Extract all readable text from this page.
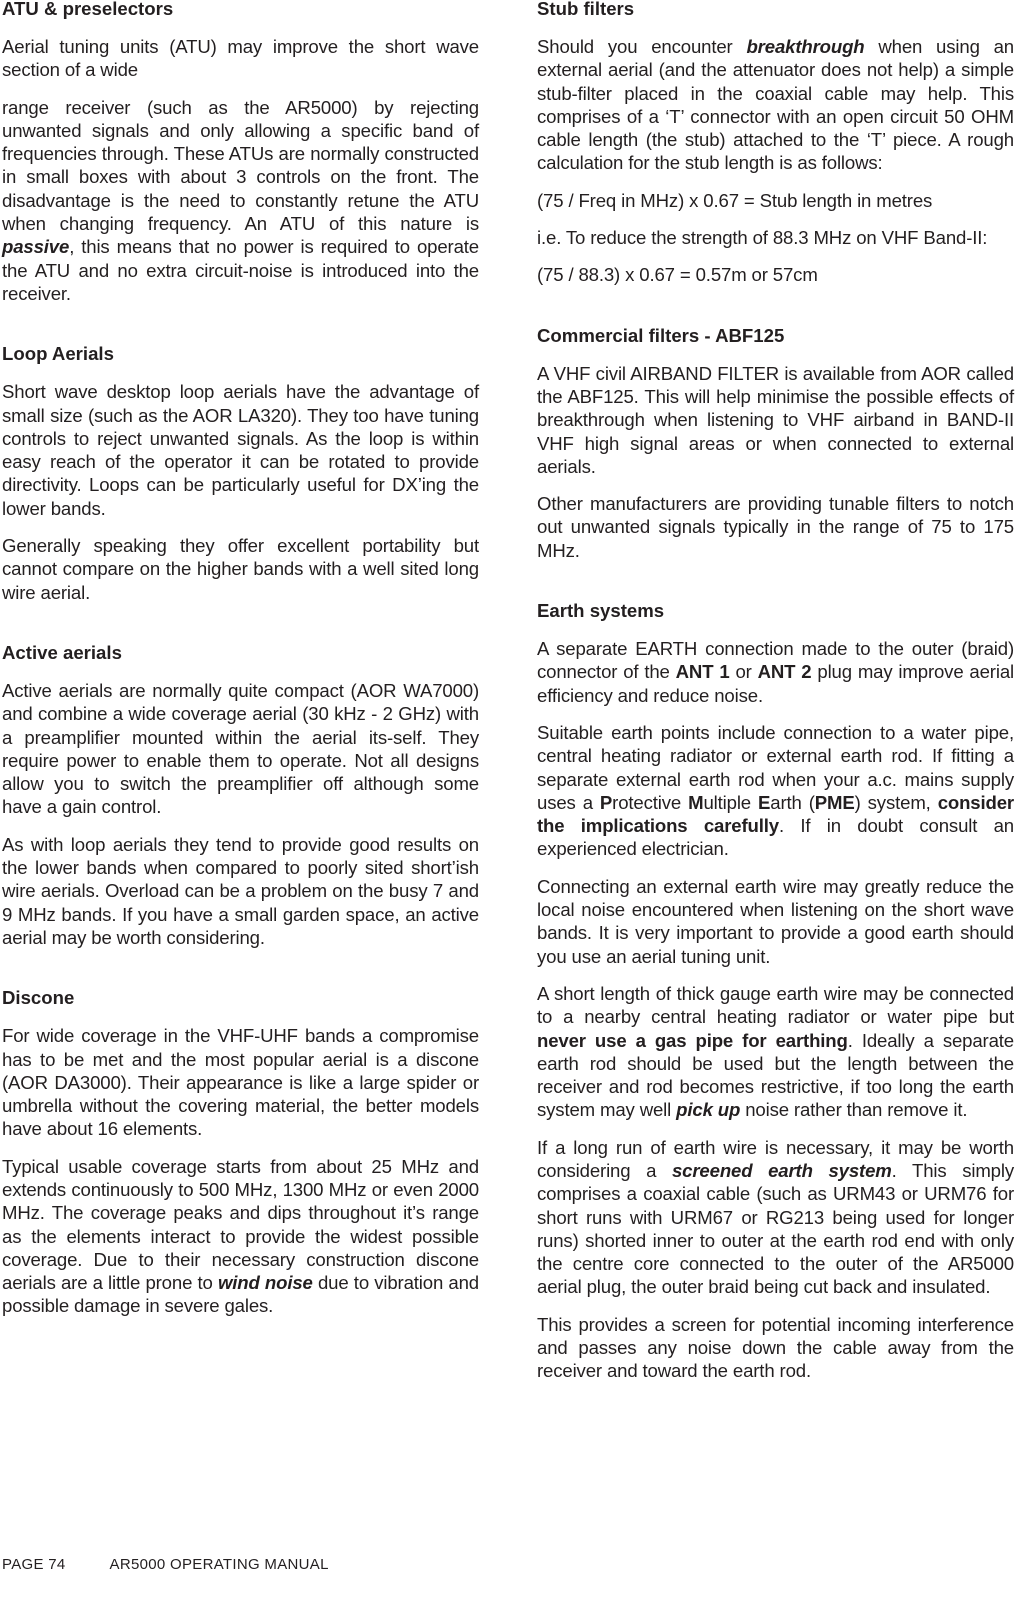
ATU & preselectors

Aerial tuning units (ATU) may improve the short wave section of a wide

range receiver (such as the AR5000) by rejecting unwanted signals and only allowing a specific band of frequencies through. These ATUs are normally constructed in small boxes with about 3 controls on the front. The disadvantage is the need to constantly retune the ATU when changing frequency. An ATU of this nature is passive, this means that no power is required to operate the ATU and no extra circuit-noise is introduced into the receiver.

Loop Aerials

Short wave desktop loop aerials have the advantage of small size (such as the AOR LA320). They too have tuning controls to reject unwanted signals. As the loop is within easy reach of the operator it can be rotated to provide directivity. Loops can be particularly useful for DX’ing the lower bands.

Generally speaking they offer excellent portability but cannot compare on the higher bands with a well sited long wire aerial.

Active aerials

Active aerials are normally quite compact (AOR WA7000) and combine a wide coverage aerial (30 kHz - 2 GHz) with a preamplifier mounted within the aerial its-self. They require power to enable them to operate. Not all designs allow you to switch the preamplifier off although some have a gain control.

As with loop aerials they tend to provide good results on the lower bands when compared to poorly sited short’ish wire aerials. Overload can be a problem on the busy 7 and 9 MHz bands. If you have a small garden space, an active aerial may be worth considering.

Discone

For wide coverage in the VHF-UHF bands a compromise has to be met and the most popular aerial is a discone (AOR DA3000). Their appearance is like a large spider or umbrella without the covering material, the better models have about 16 elements.

Typical usable coverage starts from about 25 MHz and extends continuously to 500 MHz, 1300 MHz or even 2000 MHz. The coverage peaks and dips throughout it’s range as the elements interact to provide the widest possible coverage. Due to their necessary construction discone aerials are a little prone to wind noise due to vibration and possible damage in severe gales.

Stub filters

Should you encounter breakthrough when using an external aerial (and the attenuator does not help) a simple stub-filter placed in the coaxial cable may help. This comprises of a ‘T’ connector with an open circuit 50 OHM cable length (the stub) attached to the ‘T’ piece. A rough calculation for the stub length is as follows:

(75 / Freq in MHz) x 0.67 = Stub length in metres

i.e. To reduce the strength of 88.3 MHz on VHF Band-II:

(75 / 88.3) x 0.67 = 0.57m or 57cm

Commercial filters - ABF125

A VHF civil AIRBAND FILTER is available from AOR called the ABF125. This will help minimise the possible effects of breakthrough when listening to VHF airband in BAND-II VHF high signal areas or when connected to external aerials.

Other manufacturers are providing tunable filters to notch out unwanted signals typically in the range of 75 to 175 MHz.

Earth systems

A separate EARTH connection made to the outer (braid) connector of the ANT 1 or ANT 2 plug may improve aerial efficiency and reduce noise.

Suitable earth points include connection to a water pipe, central heating radiator or external earth rod. If fitting a separate external earth rod when your a.c. mains supply uses a Protective Multiple Earth (PME) system, consider the implications carefully. If in doubt consult an experienced electrician.

Connecting an external earth wire may greatly reduce the local noise encountered when listening on the short wave bands. It is very important to provide a good earth should you use an aerial tuning unit.

A short length of thick gauge earth wire may be connected to a nearby central heating radiator or water pipe but never use a gas pipe for earthing. Ideally a separate earth rod should be used but the length between the receiver and rod becomes restrictive, if too long the earth system may well pick up noise rather than remove it.

If a long run of earth wire is necessary, it may be worth considering a screened earth system. This simply comprises a coaxial cable (such as URM43 or URM76 for short runs with URM67 or RG213 being used for longer runs) shorted inner to outer at the earth rod end with only the centre core connected to the outer of the AR5000 aerial plug, the outer braid being cut back and insulated.

This provides a screen for potential incoming interference and passes any noise down the cable away from the receiver and toward the earth rod.

PAGE 74	AR5000 OPERATING MANUAL
